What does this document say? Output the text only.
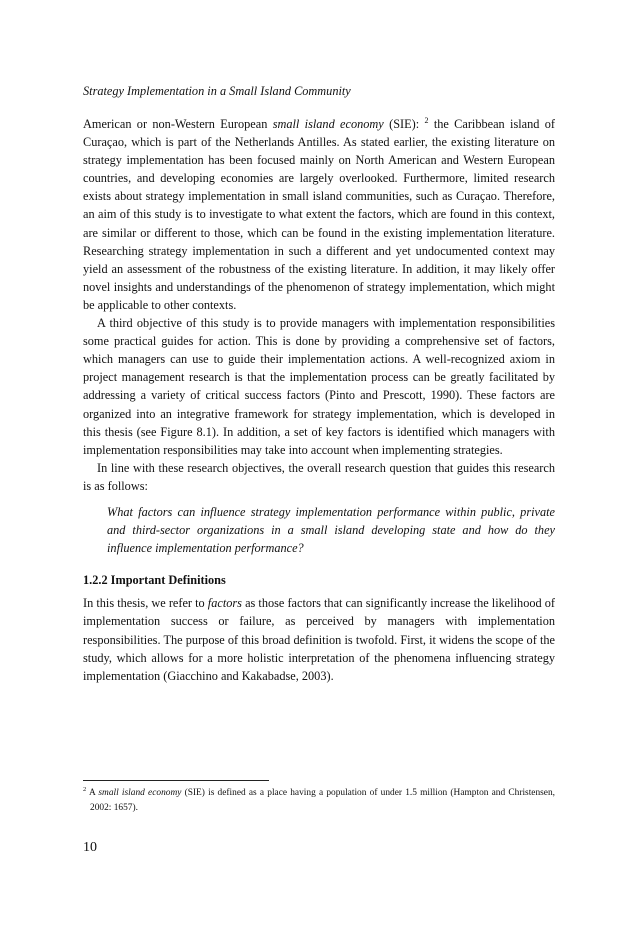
Strategy Implementation in a Small Island Community

American or non-Western European small island economy (SIE): $^2$ the Caribbean island of Curaçao, which is part of the Netherlands Antilles. As stated earlier, the existing literature on strategy implementation has been focused mainly on North American and Western European countries, and developing economies are largely overlooked. Furthermore, limited research exists about strategy implementation in small island communities, such as Curaçao. Therefore, an aim of this study is to investigate to what extent the factors, which are found in this context, are similar or different to those, which can be found in the existing implementation literature. Researching strategy implementation in such a different and yet undocumented context may yield an assessment of the robustness of the existing literature. In addition, it may likely offer novel insights and understandings of the phenomenon of strategy implementation, which might be applicable to other contexts.

A third objective of this study is to provide managers with implementation responsibilities some practical guides for action. This is done by providing a comprehensive set of factors, which managers can use to guide their implementation actions. A well-recognized axiom in project management research is that the implementation process can be greatly facilitated by addressing a variety of critical success factors (Pinto and Prescott, 1990). These factors are organized into an integrative framework for strategy implementation, which is developed in this thesis (see Figure 8.1). In addition, a set of key factors is identified which managers with implementation responsibilities may take into account when implementing strategies.

In line with these research objectives, the overall research question that guides this research is as follows:

What factors can influence strategy implementation performance within public, private and third-sector organizations in a small island developing state and how do they influence implementation performance?

1.2.2 Important Definitions

In this thesis, we refer to factors as those factors that can significantly increase the likelihood of implementation success or failure, as perceived by managers with implementation responsibilities. The purpose of this broad definition is twofold. First, it widens the scope of the study, which allows for a more holistic interpretation of the phenomena influencing strategy implementation (Giacchino and Kakabadse, 2003).

$^2$ A small island economy (SIE) is defined as a place having a population of under 1.5 million (Hampton and Christensen, 2002: 1657).
10
